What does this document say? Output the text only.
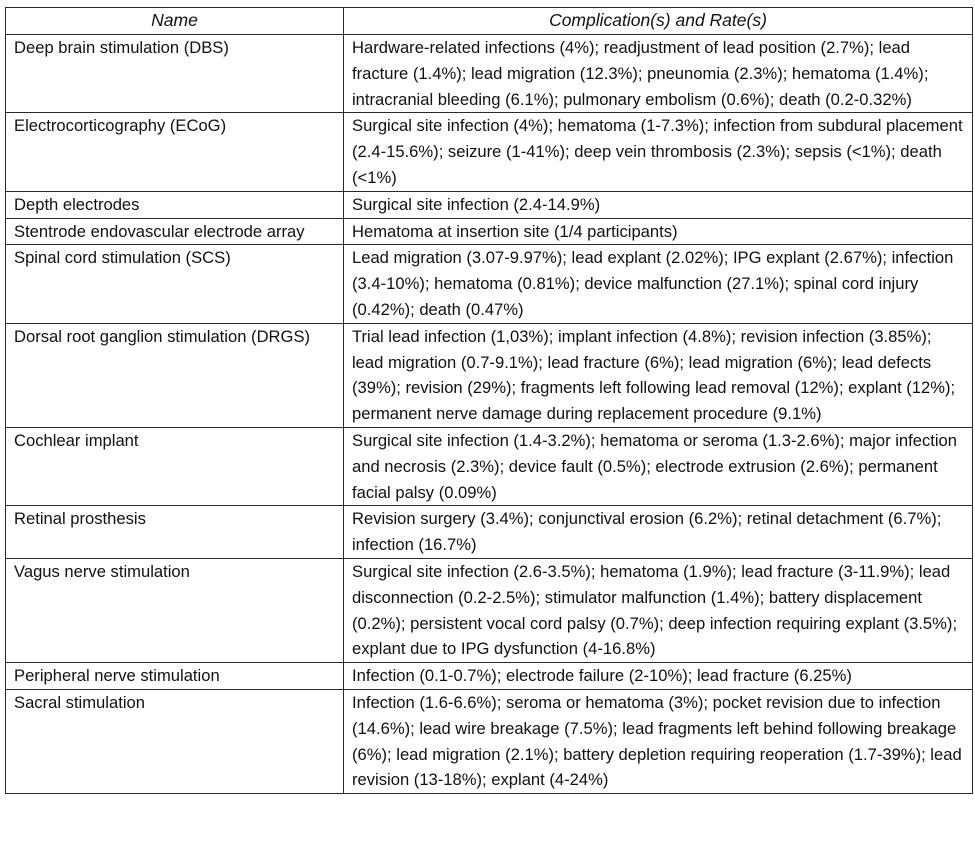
Name	Complication(s) and Rate(s)
Deep brain stimulation (DBS)	Hardware-related infections (4%); readjustment of lead position (2.7%); lead fracture (1.4%); lead migration (12.3%); pneunomia (2.3%); hematoma (1.4%); intracranial bleeding (6.1%); pulmonary embolism (0.6%); death (0.2-0.32%)
Electrocorticography (ECoG)	Surgical site infection (4%); hematoma (1-7.3%); infection from subdural placement (2.4-15.6%); seizure (1-41%); deep vein thrombosis (2.3%); sepsis (<1%); death (<1%)
Depth electrodes	Surgical site infection (2.4-14.9%)
Stentrode endovascular electrode array	Hematoma at insertion site (1/4 participants)
Spinal cord stimulation (SCS)	Lead migration (3.07-9.97%); lead explant (2.02%); IPG explant (2.67%); infection (3.4-10%); hematoma (0.81%); device malfunction (27.1%); spinal cord injury (0.42%); death (0.47%)
Dorsal root ganglion stimulation (DRGS)	Trial lead infection (1,03%); implant infection (4.8%); revision infection (3.85%); lead migration (0.7-9.1%); lead fracture (6%); lead migration (6%); lead defects (39%); revision (29%); fragments left following lead removal (12%); explant (12%); permanent nerve damage during replacement procedure (9.1%)
Cochlear implant	Surgical site infection (1.4-3.2%); hematoma or seroma (1.3-2.6%); major infection and necrosis (2.3%); device fault (0.5%); electrode extrusion (2.6%); permanent facial palsy (0.09%)
Retinal prosthesis	Revision surgery (3.4%); conjunctival erosion (6.2%); retinal detachment (6.7%); infection (16.7%)
Vagus nerve stimulation	Surgical site infection (2.6-3.5%); hematoma (1.9%); lead fracture (3-11.9%); lead disconnection (0.2-2.5%); stimulator malfunction (1.4%); battery displacement (0.2%); persistent vocal cord palsy (0.7%); deep infection requiring explant (3.5%); explant due to IPG dysfunction (4-16.8%)
Peripheral nerve stimulation	Infection (0.1-0.7%); electrode failure (2-10%); lead fracture (6.25%)
Sacral stimulation	Infection (1.6-6.6%); seroma or hematoma (3%); pocket revision due to infection (14.6%); lead wire breakage (7.5%); lead fragments left behind following breakage (6%); lead migration (2.1%); battery depletion requiring reoperation (1.7-39%); lead revision (13-18%); explant (4-24%)
